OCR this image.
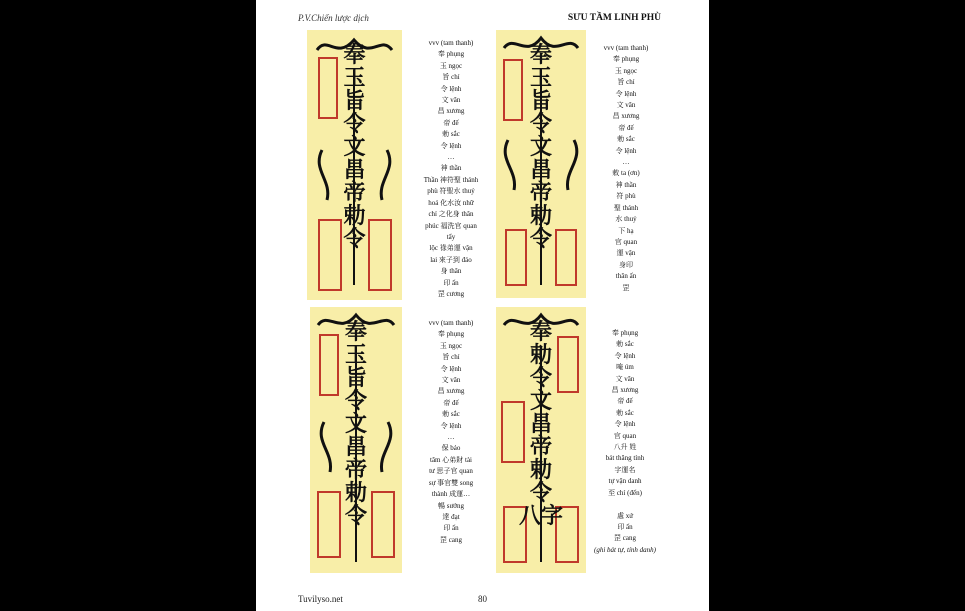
P.V.Chiến lược dịch	SƯU TẦM LINH PHÙ
奉
玉
旨
令
文
昌
帝
勅
令
奉
玉
旨
令
文
昌
帝
勅
令
奉
玉
旨
令
文
昌
帝
勅
令
奉
勅
令
文
昌
帝
勅
令
八字
vvv (tam thanh)
奉 phụng
玉 ngọc
旨 chỉ
令 lệnh
文 văn
昌 xương
帝 đế
勅 sắc
令 lệnh
…
神 thần
Thần 神符聖 thánh
phù 符聖水 thuỷ
hoá 化水汝 nhữ
chỉ 之化身 thân
phúc 福洗官 quan
tẩy
lộc 祿弟運 vận
lai 來子到 đáo
身 thân
印 ấn
罡 cương
vvv (tam thanh)
奉 phụng
玉 ngọc
旨 chỉ
令 lệnh
文 văn
昌 xương
帝 đế
勅 sắc
令 lệnh
…
敕 ta (ơn)
神 thần
符 phù
聖 thánh
水 thuỷ
下 hạ
官 quan
運 vận
身印
thân ấn
罡
vvv (tam thanh)
奉 phụng
玉 ngọc
旨 chỉ
令 lệnh
文 văn
昌 xương
帝 đế
勅 sắc
令 lệnh
…
保 bảo
tâm 心弟財 tài
tư 思子官 quan
sự 事官雙 song
thành 成運…
暢 sướng
達 đạt
印 ấn
罡 cang
奉 phụng
勅 sắc
令 lệnh
唵 úm
文 văn
昌 xương
帝 đế
勅 sắc
令 lệnh
官 quan
八升 姓
bát thăng tính
字運名
tự vận danh
至 chí (đến)

處 xứ
印 ấn
罡 cang
(ghi bát tự, tính danh)
Tuvilyso.net	80
